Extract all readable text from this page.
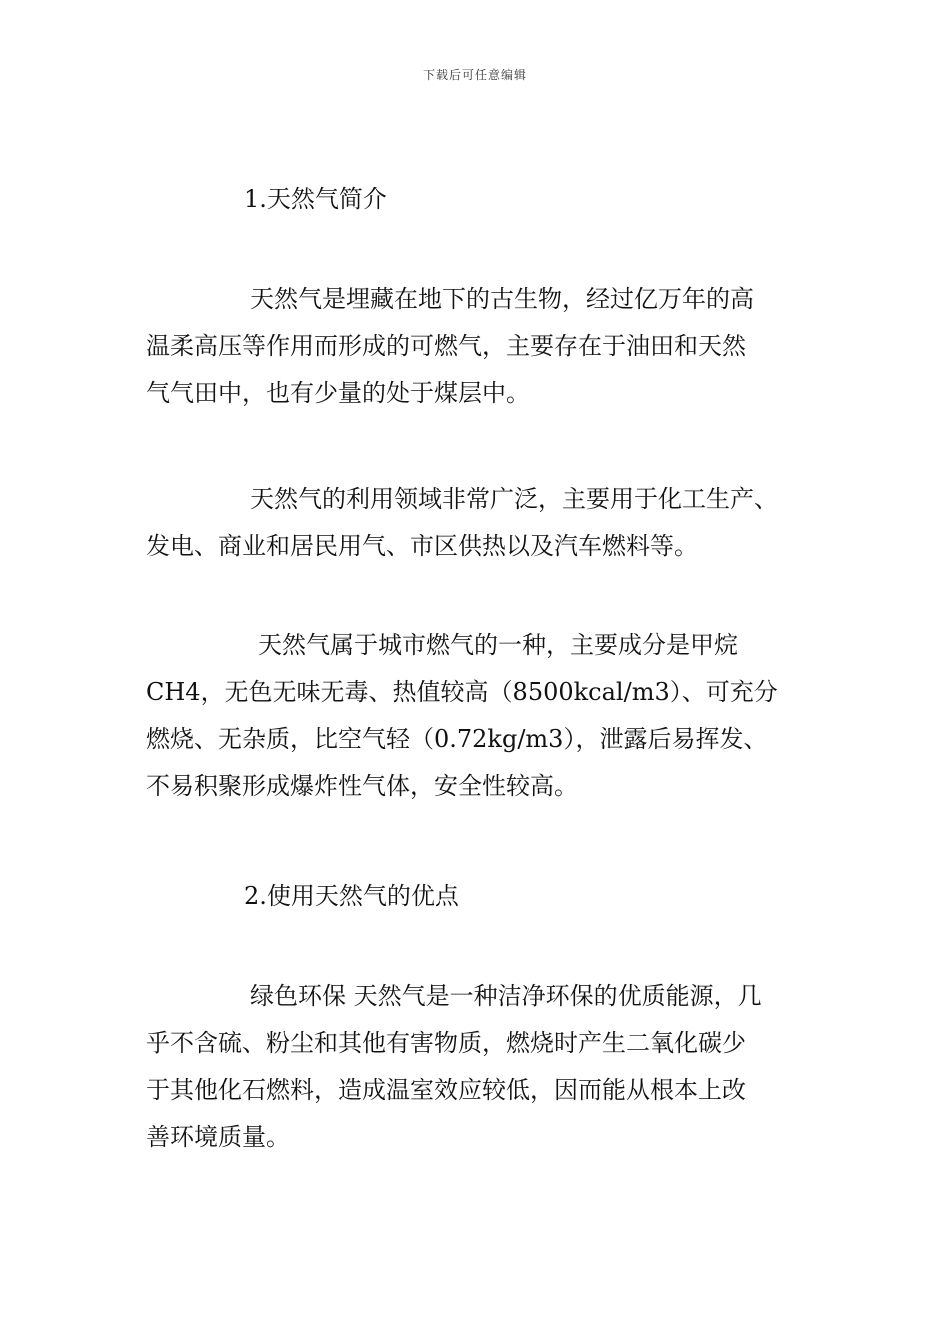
下载后可任意编辑
1.天然气简介
天然气是埋藏在地下的古生物，经过亿万年的高
温柔高压等作用而形成的可燃气，主要存在于油田和天然
气气田中，也有少量的处于煤层中。
天然气的利用领域非常广泛，主要用于化工生产、
发电、商业和居民用气、市区供热以及汽车燃料等。
天然气属于城市燃气的一种，主要成分是甲烷
CH4，无色无味无毒、热值较高（8500kcal/m3）、可充分
燃烧、无杂质，比空气轻（0.72kg/m3），泄露后易挥发、
不易积聚形成爆炸性气体，安全性较高。
2.使用天然气的优点
绿色环保 天然气是一种洁净环保的优质能源，几
乎不含硫、粉尘和其他有害物质，燃烧时产生二氧化碳少
于其他化石燃料，造成温室效应较低，因而能从根本上改
善环境质量。
